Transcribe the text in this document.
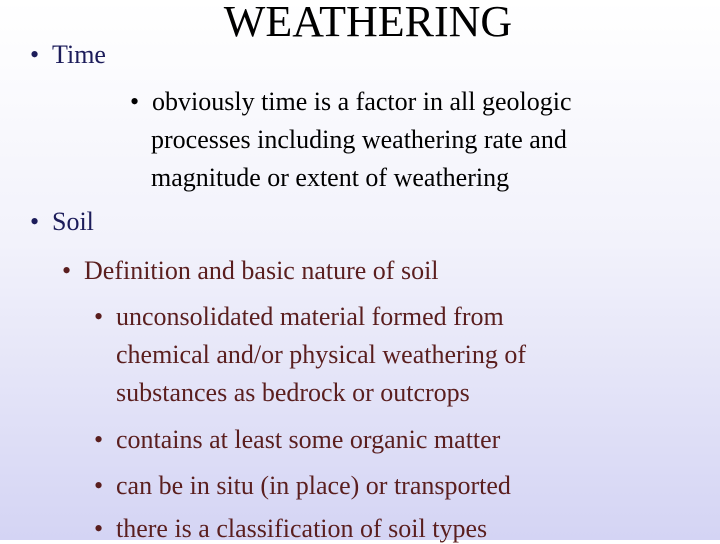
WEATHERING
• Time
• obviously time is a factor in all geologic
processes including weathering rate and
magnitude or extent of weathering
• Soil
• Definition and basic nature of soil
• unconsolidated material formed from
chemical and/or physical weathering of
substances as bedrock or outcrops
• contains at least some organic matter
• can be in situ (in place) or transported
• there is a classification of soil types
